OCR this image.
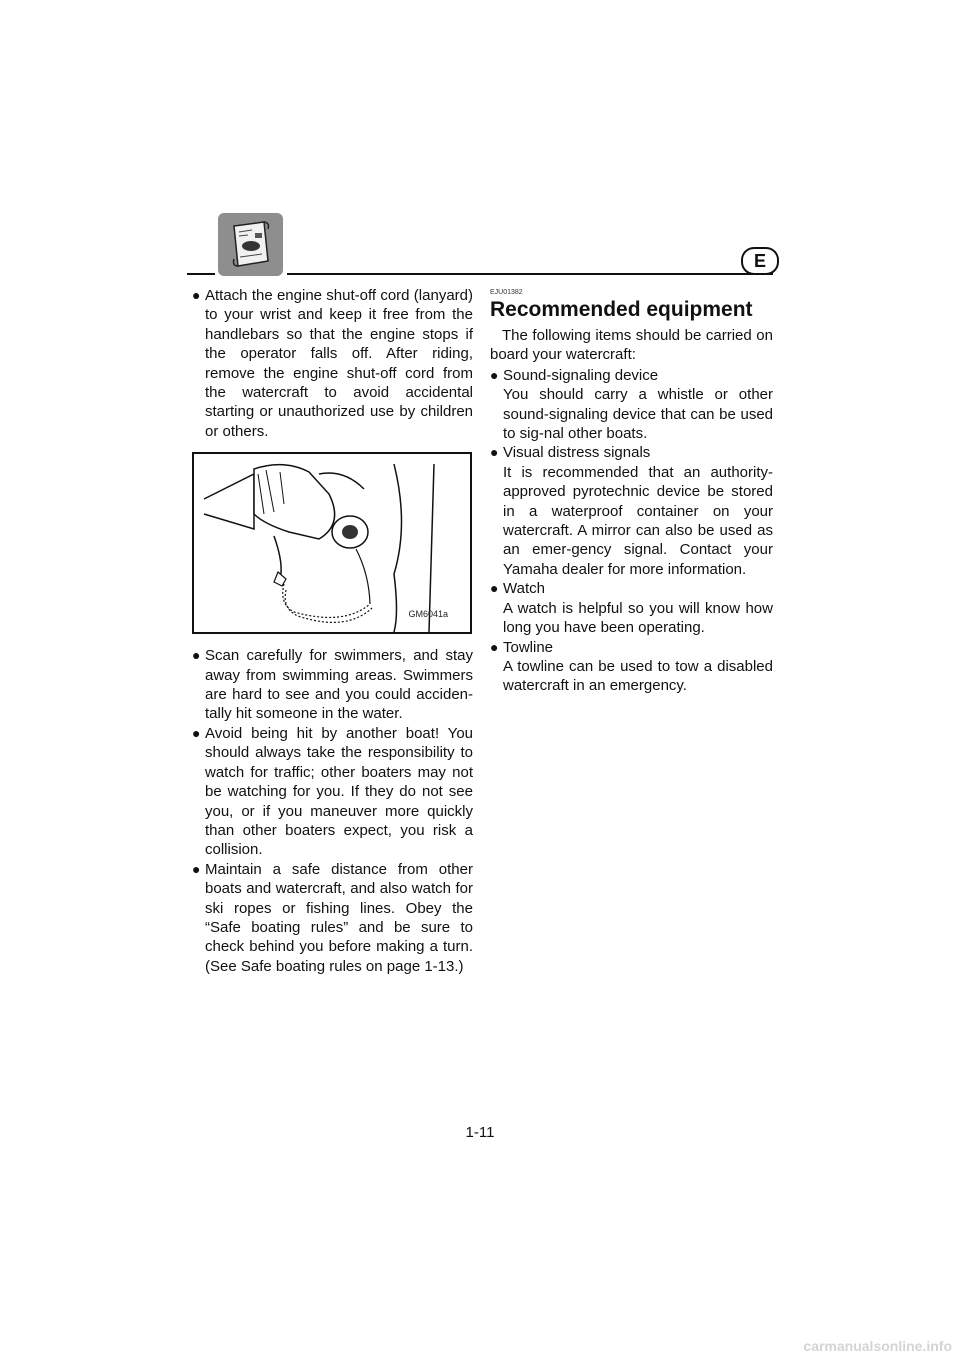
E
● Attach the engine shut-off cord (lanyard) to your wrist and keep it free from the handlebars so that the engine stops if the operator falls off. After riding, remove the engine shut-off cord from the watercraft to avoid accidental starting or unauthorized use by children or others.
GM6041a
● Scan carefully for swimmers, and stay away from swimming areas. Swimmers are hard to see and you could acciden-tally hit someone in the water.
● Avoid being hit by another boat! You should always take the responsibility to watch for traffic; other boaters may not be watching for you. If they do not see you, or if you maneuver more quickly than other boaters expect, you risk a collision.
● Maintain a safe distance from other boats and watercraft, and also watch for ski ropes or fishing lines. Obey the “Safe boating rules” and be sure to check behind you before making a turn. (See Safe boating rules on page 1-13.)
EJU01382
Recommended equipment
The following items should be carried on board your watercraft:
● Sound-signaling device
You should carry a whistle or other sound-signaling device that can be used to sig-nal other boats.
● Visual distress signals
It is recommended that an authority-approved pyrotechnic device be stored in a waterproof container on your watercraft. A mirror can also be used as an emer-gency signal. Contact your Yamaha dealer for more information.
● Watch
A watch is helpful so you will know how long you have been operating.
● Towline
A towline can be used to tow a disabled watercraft in an emergency.
1-11
carmanualsonline.info
